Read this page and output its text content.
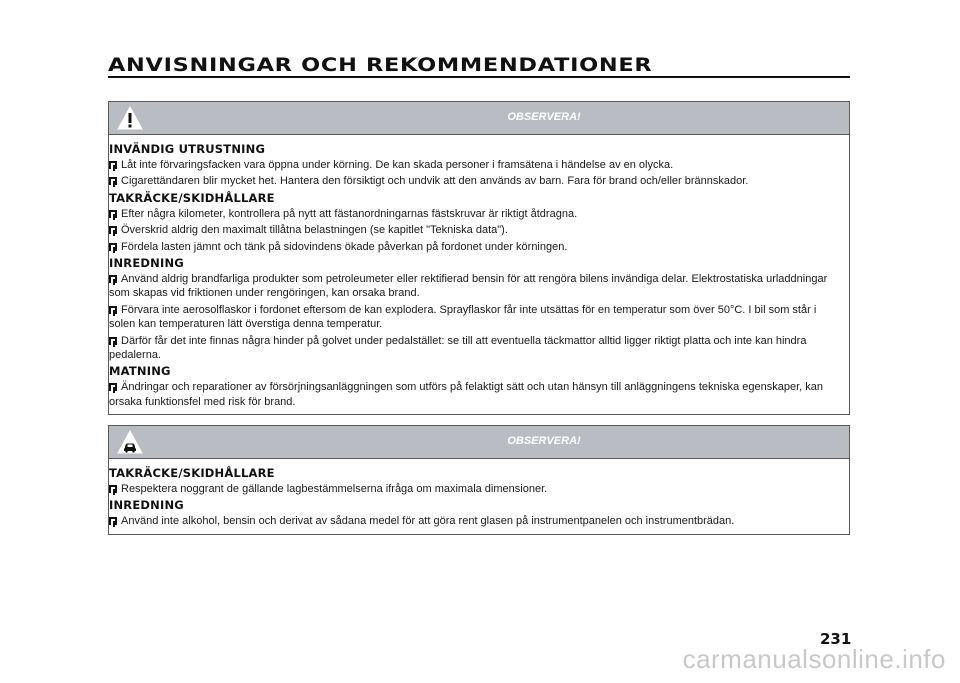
ANVISNINGAR OCH REKOMMENDATIONER
OBSERVERA!
INVÄNDIG UTRUSTNING
Låt inte förvaringsfacken vara öppna under körning. De kan skada personer i framsätena i händelse av en olycka.
Cigarettändaren blir mycket het. Hantera den försiktigt och undvik att den används av barn. Fara för brand och/eller brännskador.
TAKRÄCKE/SKIDHÅLLARE
Efter några kilometer, kontrollera på nytt att fästanordningarnas fästskruvar är riktigt åtdragna.
Överskrid aldrig den maximalt tillåtna belastningen (se kapitlet "Tekniska data").
Fördela lasten jämnt och tänk på sidovindens ökade påverkan på fordonet under körningen.
INREDNING
Använd aldrig brandfarliga produkter som petroleumeter eller rektifierad bensin för att rengöra bilens invändiga delar. Elektrostatiska urladdningar som skapas vid friktionen under rengöringen, kan orsaka brand.
Förvara inte aerosolflaskor i fordonet eftersom de kan explodera. Sprayflaskor får inte utsättas för en temperatur som över 50°C. I bil som står i solen kan temperaturen lätt överstiga denna temperatur.
Därför får det inte finnas några hinder på golvet under pedalstället: se till att eventuella täckmattor alltid ligger riktigt platta och inte kan hindra pedalerna.
MATNING
Ändringar och reparationer av försörjningsanläggningen som utförs på felaktigt sätt och utan hänsyn till anläggningens tekniska egenskaper, kan orsaka funktionsfel med risk för brand.
OBSERVERA!
TAKRÄCKE/SKIDHÅLLARE
Respektera noggrant de gällande lagbestämmelserna ifråga om maximala dimensioner.
INREDNING
Använd inte alkohol, bensin och derivat av sådana medel för att göra rent glasen på instrumentpanelen och instrumentbrädan.
231
carmanualsonline.info
